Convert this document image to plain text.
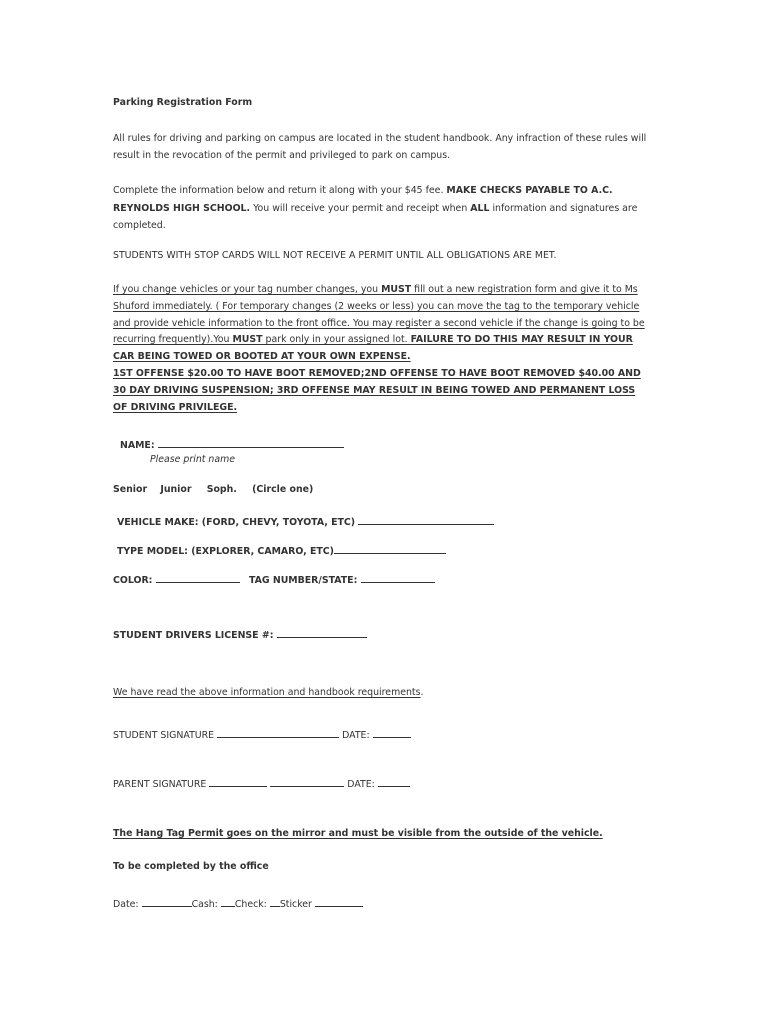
Parking Registration Form
All rules for driving and parking on campus are located in the student handbook. Any infraction of these rules will
result in the revocation of the permit and privileged to park on campus.
Complete the information below and return it along with your $45 fee. MAKE CHECKS PAYABLE TO A.C.
REYNOLDS HIGH SCHOOL. You will receive your permit and receipt when ALL information and signatures are
completed.
STUDENTS WITH STOP CARDS WILL NOT RECEIVE A PERMIT UNTIL ALL OBLIGATIONS ARE MET.
If you change vehicles or your tag number changes, you MUST fill out a new registration form and give it to Ms
Shuford immediately. ( For temporary changes (2 weeks or less) you can move the tag to the temporary vehicle
and provide vehicle information to the front office. You may register a second vehicle if the change is going to be
recurring frequently).You MUST park only in your assigned lot. FAILURE TO DO THIS MAY RESULT IN YOUR
CAR BEING TOWED OR BOOTED AT YOUR OWN EXPENSE.
1ST OFFENSE $20.00 TO HAVE BOOT REMOVED;2ND OFFENSE TO HAVE BOOT REMOVED $40.00 AND
30 DAY DRIVING SUSPENSION; 3RD OFFENSE MAY RESULT IN BEING TOWED AND PERMANENT LOSS
OF DRIVING PRIVILEGE.
NAME:
Please print name
Senior Junior Soph. (Circle one)
VEHICLE MAKE: (FORD, CHEVY, TOYOTA, ETC)
TYPE MODEL: (EXPLORER, CAMARO, ETC)
COLOR:	TAG NUMBER/STATE:
STUDENT DRIVERS LICENSE #:
We have read the above information and handbook requirements.
STUDENT SIGNATURE	DATE:
PARENT SIGNATURE	DATE:
The Hang Tag Permit goes on the mirror and must be visible from the outside of the vehicle.
To be completed by the office
Date:	Cash: Check: Sticker
